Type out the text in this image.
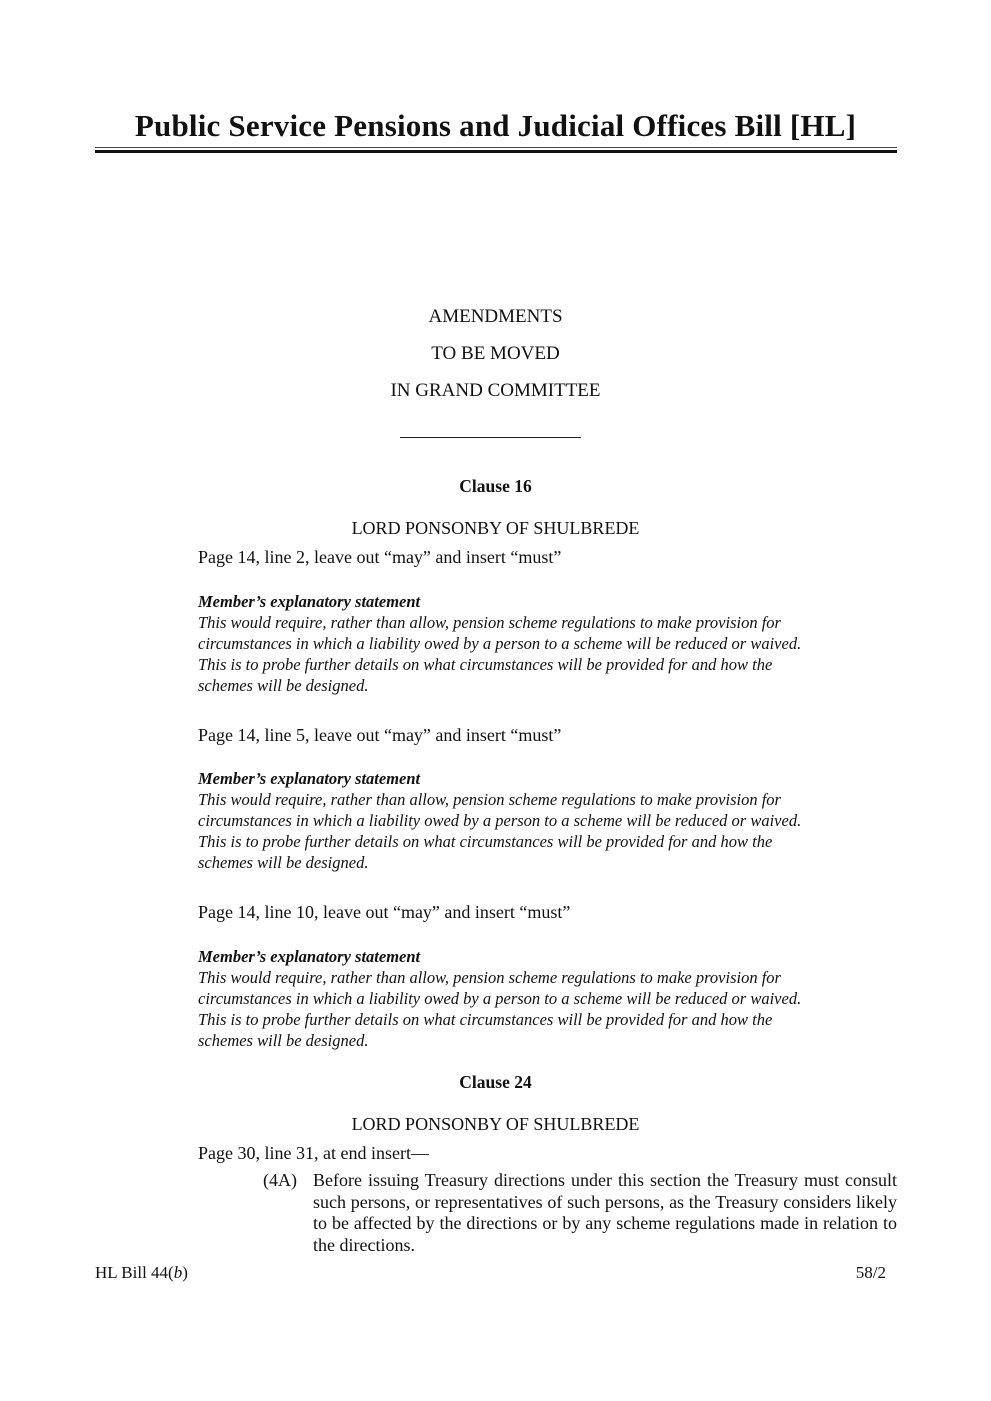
Public Service Pensions and Judicial Offices Bill [HL]
AMENDMENTS
TO BE MOVED
IN GRAND COMMITTEE
Clause 16
LORD PONSONBY OF SHULBREDE
Page 14, line 2, leave out “may” and insert “must”
Member’s explanatory statement
This would require, rather than allow, pension scheme regulations to make provision for
circumstances in which a liability owed by a person to a scheme will be reduced or waived.
This is to probe further details on what circumstances will be provided for and how the
schemes will be designed.
Page 14, line 5, leave out “may” and insert “must”
Member’s explanatory statement
This would require, rather than allow, pension scheme regulations to make provision for
circumstances in which a liability owed by a person to a scheme will be reduced or waived.
This is to probe further details on what circumstances will be provided for and how the
schemes will be designed.
Page 14, line 10, leave out “may” and insert “must”
Member’s explanatory statement
This would require, rather than allow, pension scheme regulations to make provision for
circumstances in which a liability owed by a person to a scheme will be reduced or waived.
This is to probe further details on what circumstances will be provided for and how the
schemes will be designed.
Clause 24
LORD PONSONBY OF SHULBREDE
Page 30, line 31, at end insert—
(4A) Before issuing Treasury directions under this section the Treasury must consult such persons, or representatives of such persons, as the Treasury considers likely to be affected by the directions or by any scheme regulations made in relation to the directions.
HL Bill 44(b)	58/2
